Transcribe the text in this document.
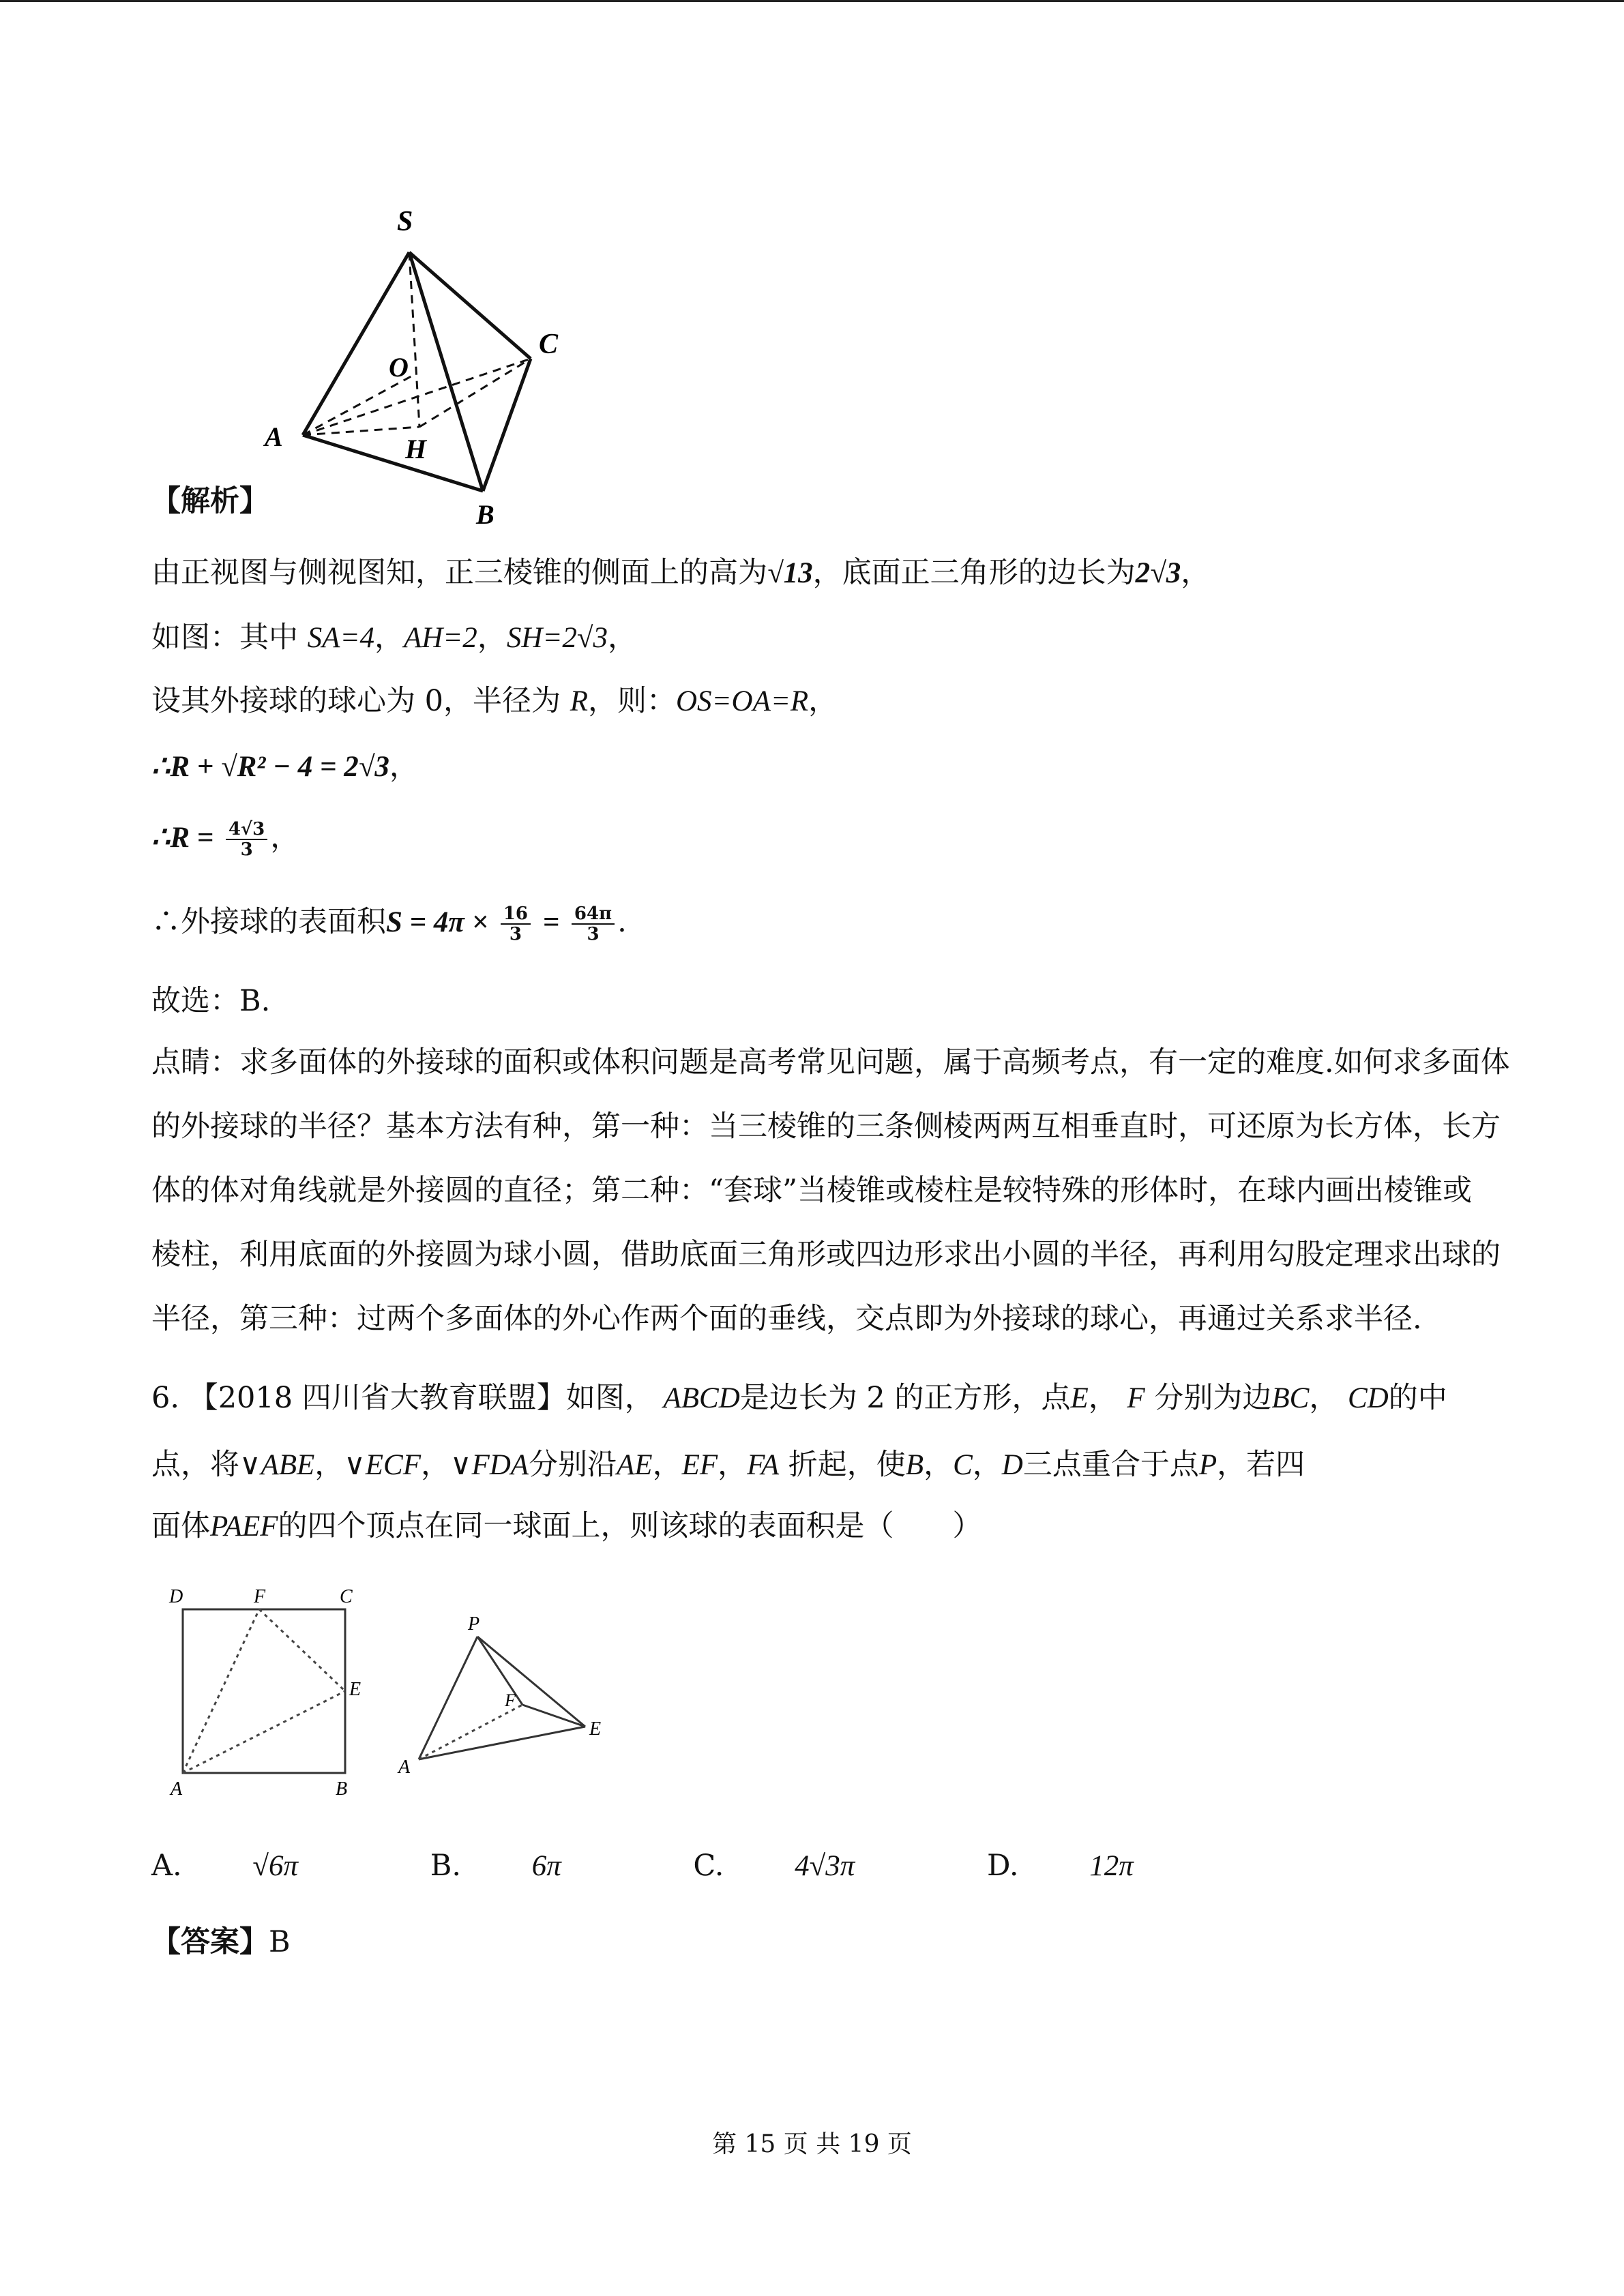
S
C
O
A	H
B
【解析】
由正视图与侧视图知，正三棱锥的侧面上的高为√13，底面正三角形的边长为2√3，
如图：其中 SA=4，AH=2，SH=2√3，
设其外接球的球心为 0，半径为 R，则：OS=OA=R，
∴R + √R² − 4 = 2√3，
∴R = $\frac{4√3}{3}$ ，
∴外接球的表面积$S = 4\pi \times \frac{16}{3} = \frac{64\pi}{3}$ .
故选：B.
点睛：求多面体的外接球的面积或体积问题是高考常见问题，属于高频考点，有一定的难度.如何求多面体
的外接球的半径？基本方法有种，第一种：当三棱锥的三条侧棱两两互相垂直时，可还原为长方体，长方
体的体对角线就是外接圆的直径；第二种：“套球”当棱锥或棱柱是较特殊的形体时，在球内画出棱锥或
棱柱，利用底面的外接圆为球小圆，借助底面三角形或四边形求出小圆的半径，再利用勾股定理求出球的
半径，第三种：过两个多面体的外心作两个面的垂线，交点即为外接球的球心，再通过关系求半径.
6. 【2018 四川省大教育联盟】如图， ABCD是边长为 2 的正方形，点E， F 分别为边BC， CD的中
点，将∨ABE，∨ECF，∨FDA分别沿AE，EF，FA 折起，使B，C，D三点重合于点P，若四
面体PAEF的四个顶点在同一球面上，则该球的表面积是（　　）
D	F	C
E
A	B
P
F
E
A
A. √6π	B. 6π	C. 4√3π	D. 12π
【答案】B
第 15 页 共 19 页
